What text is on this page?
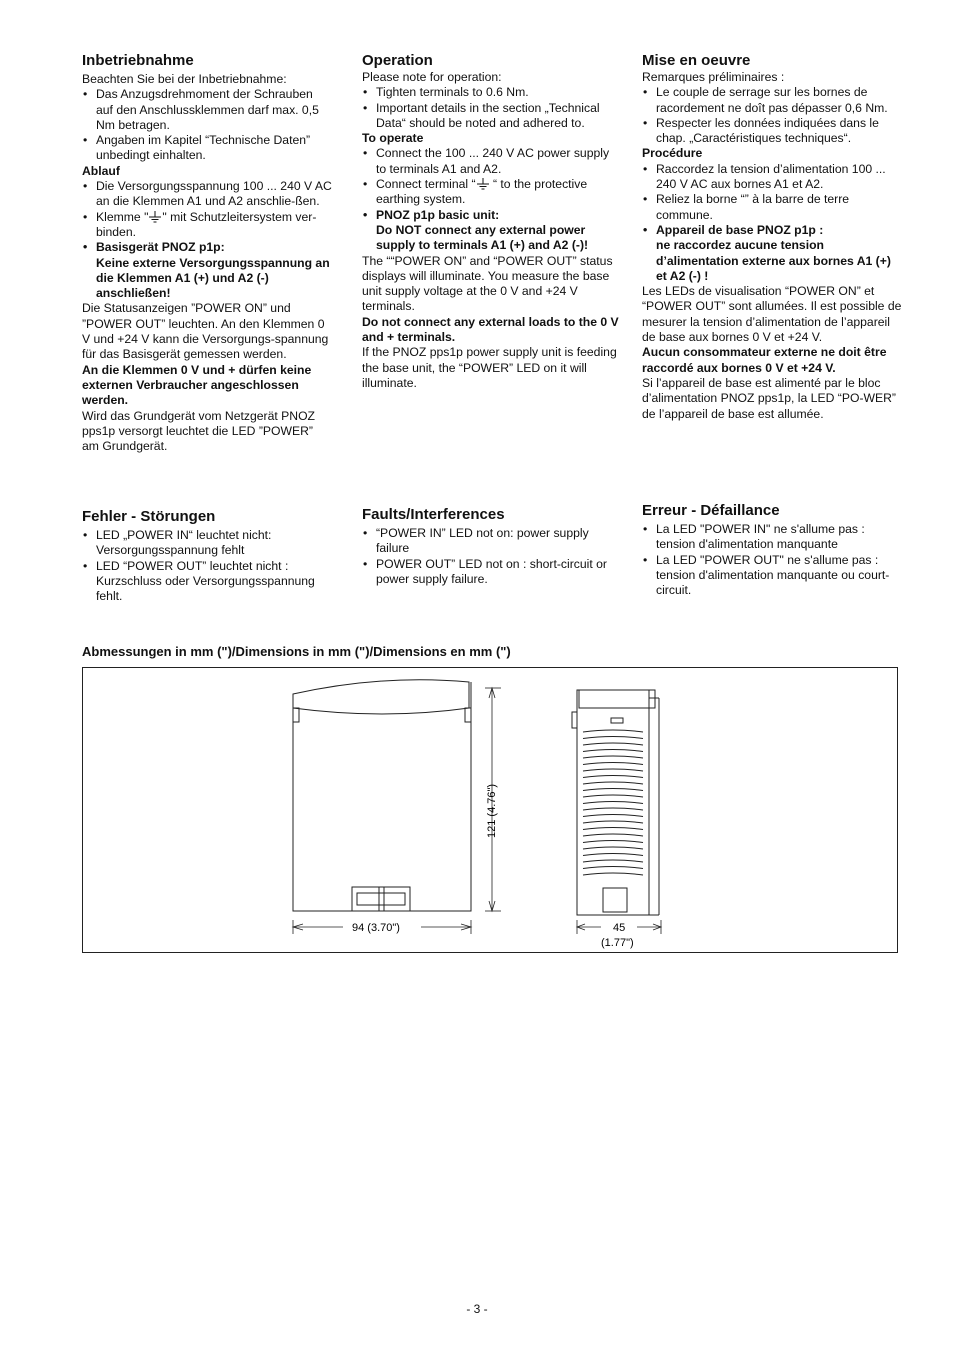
Inbetriebnahme

Beachten Sie bei der Inbetriebnahme:

• Das Anzugsdrehmoment der Schrauben auf den Anschlussklemmen darf max. 0,5 Nm betragen.
• Angaben im Kapitel “Technische Daten” unbedingt einhalten.

Ablauf

• Die Versorgungsspannung 100 ... 240 V AC an die Klemmen A1 und A2 anschlie-ßen.
• Klemme " " mit Schutzleitersystem ver-binden.
• Basisgerät PNOZ p1p:
Keine externe Versorgungsspannung an die Klemmen A1 (+) und A2 (-) anschließen!

Die Statusanzeigen ”POWER ON” und ”POWER OUT” leuchten. An den Klemmen 0 V und +24 V kann die Versorgungs-spannung für das Basisgerät gemessen werden.

An die Klemmen 0 V und + dürfen keine externen Verbraucher angeschlossen werden.

Wird das Grundgerät vom Netzgerät PNOZ pps1p versorgt leuchtet die LED ”POWER” am Grundgerät.

Fehler - Störungen
• LED „POWER IN“ leuchtet nicht: Versorgungsspannung fehlt
• LED “POWER OUT” leuchtet nicht : Kurzschluss oder Versorgungsspannung fehlt.
Operation

Please note for operation:

• Tighten terminals to 0.6 Nm.
• Important details in the section „Technical Data“ should be noted and adhered to.

To operate

• Connect the 100 ... 240 V AC power supply to terminals A1 and A2.
• Connect terminal “ “ to the protective earthing system.
• PNOZ p1p basic unit:
Do NOT connect any external power supply to terminals A1 (+) and A2 (-)!

The ““POWER ON” and “POWER OUT” status displays will illuminate. You measure the base unit supply voltage at the 0 V and +24 V terminals.

Do not connect any external loads to the 0 V and + terminals.

If the PNOZ pps1p power supply unit is feeding the base unit, the “POWER” LED on it will illuminate.

Faults/Interferences
• “POWER IN” LED not on: power supply failure
• POWER OUT” LED not on : short-circuit or power supply failure.
Mise en oeuvre

Remarques préliminaires :

• Le couple de serrage sur les bornes de racordement ne doît pas dépasser 0,6 Nm.
• Respecter les données indiquées dans le chap. „Caractéristiques techniques“.

Procédure

• Raccordez la tension d’alimentation 100 ... 240 V AC aux bornes A1 et A2.
• Reliez la borne “” à la barre de terre commune.
• Appareil de base PNOZ p1p :
ne raccordez aucune tension d’alimentation externe aux bornes A1 (+) et A2 (-) !

Les LEDs de visualisation “POWER ON” et “POWER OUT” sont allumées. Il est possible de mesurer la tension d’alimentation de l’appareil de base aux bornes 0 V et +24 V.

Aucun consommateur externe ne doit être raccordé aux bornes 0 V et +24 V.

Si l’appareil de base est alimenté par le bloc d’alimentation PNOZ pps1p, la LED “PO-WER” de l’appareil de base est allumée.

Erreur - Défaillance
• La LED "POWER IN" ne s'allume pas : tension d'alimentation manquante
• La LED "POWER OUT" ne s'allume pas : tension d'alimentation manquante ou court-circuit.
Abmessungen in mm (")/Dimensions in mm (")/Dimensions en mm (")
121 (4.76")
94 (3.70")	45
(1.77")
- 3 -
